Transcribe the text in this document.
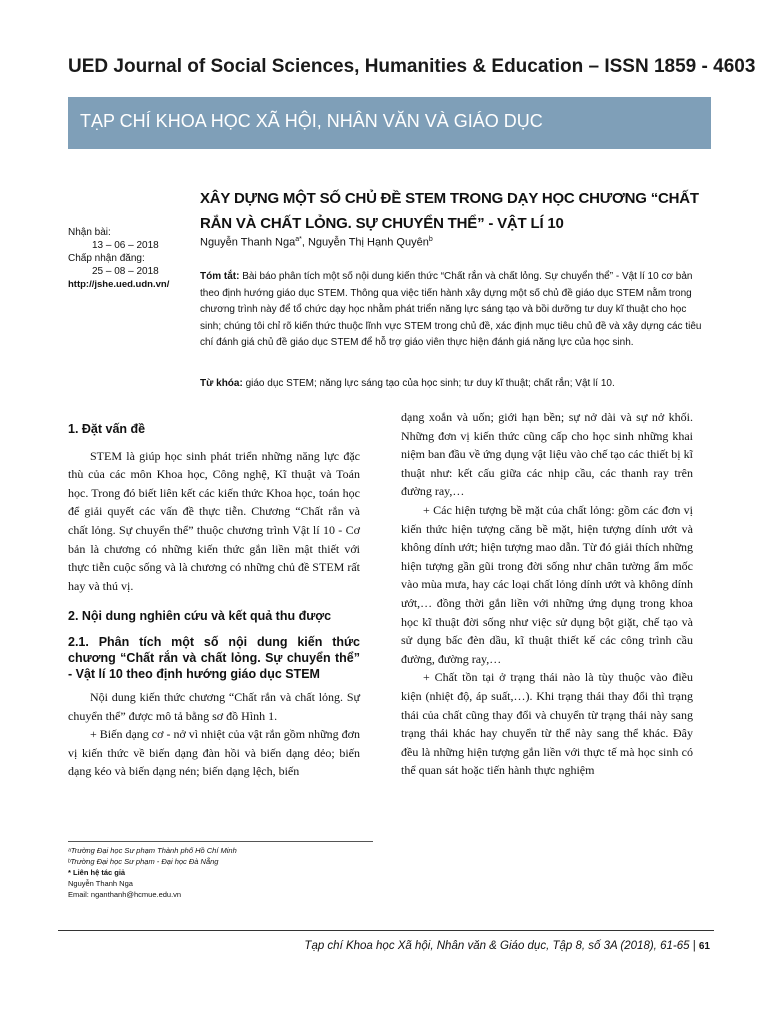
UED Journal of Social Sciences, Humanities & Education – ISSN 1859 - 4603
TẠP CHÍ KHOA HỌC XÃ HỘI, NHÂN VĂN VÀ GIÁO DỤC
Nhận bài:
13 – 06 – 2018
Chấp nhận đăng:
25 – 08 – 2018
http://jshe.ued.udn.vn/
XÂY DỰNG MỘT SỐ CHỦ ĐỀ STEM TRONG DẠY HỌC CHƯƠNG “CHẤT
RẮN VÀ CHẤT LỎNG. SỰ CHUYỂN THỂ” - VẬT LÍ 10
Nguyễn Thanh Nga$^{a*}$, Nguyễn Thị Hạnh Quyên$^b$
Tóm tắt: Bài báo phân tích một số nội dung kiến thức “Chất rắn và chất lỏng. Sự chuyển thể” - Vật lí 10 cơ bản theo định hướng giáo dục STEM. Thông qua việc tiến hành xây dựng một số chủ đề giáo dục STEM nằm trong chương trình này để tổ chức dạy học nhằm phát triển năng lực sáng tạo và bồi dưỡng tư duy kĩ thuật cho học sinh; chúng tôi chỉ rõ kiến thức thuộc lĩnh vực STEM trong chủ đề, xác định mục tiêu chủ đề và xây dựng các tiêu chí đánh giá chủ đề giáo dục STEM để hỗ trợ giáo viên thực hiện đánh giá năng lực của học sinh.
Từ khóa: giáo dục STEM; năng lực sáng tạo của học sinh; tư duy kĩ thuật; chất rắn; Vật lí 10.

1. Đặt vấn đề

STEM là giúp học sinh phát triển những năng lực đặc thù của các môn Khoa học, Công nghệ, Kĩ thuật và Toán học. Trong đó biết liên kết các kiến thức Khoa học, toán học để giải quyết các vấn đề thực tiễn. Chương “Chất rắn và chất lỏng. Sự chuyển thể” thuộc chương trình Vật lí 10 - Cơ bản là chương có những kiến thức gắn liền mật thiết với thực tiễn cuộc sống và là chương có những chủ đề STEM rất hay và thú vị.

2. Nội dung nghiên cứu và kết quả thu được

2.1. Phân tích một số nội dung kiến thức chương “Chất rắn và chất lỏng. Sự chuyển thể” - Vật lí 10 theo định hướng giáo dục STEM

Nội dung kiến thức chương “Chất rắn và chất lỏng. Sự chuyển thể” được mô tả bằng sơ đồ Hình 1.

+ Biến dạng cơ - nở vì nhiệt của vật rắn gồm những đơn vị kiến thức về biến dạng đàn hồi và biến dạng dẻo; biến dạng kéo và biến dạng nén; biến dạng lệch, biến

dạng xoắn và uốn; giới hạn bền; sự nở dài và sự nở khối. Những đơn vị kiến thức cũng cấp cho học sinh những khai niệm ban đầu về ứng dụng vật liệu vào chế tạo các thiết bị kĩ thuật như: kết cấu giữa các nhịp cầu, các thanh ray trên đường ray,…

+ Các hiện tượng bề mặt của chất lỏng: gồm các đơn vị kiến thức hiện tượng căng bề mặt, hiện tượng dính ướt và không dính ướt; hiện tượng mao dẫn. Từ đó giải thích những hiện tượng gần gũi trong đời sống như chân tường ẩm mốc vào mùa mưa, hay các loại chất lỏng dính ướt và không dính ướt,… đồng thời gắn liền với những ứng dụng trong khoa học kĩ thuật đời sống như việc sử dụng bột giặt, chế tạo và sử dụng bấc đèn dầu, kĩ thuật thiết kế các công trình cầu đường, đường ray,…

+ Chất tồn tại ở trạng thái nào là tùy thuộc vào điều kiện (nhiệt độ, áp suất,…). Khi trạng thái thay đổi thì trạng thái của chất cũng thay đổi và chuyển từ trạng thái này sang trạng thái khác hay chuyển từ thể này sang thể khác. Đây đều là những hiện tượng gắn liền với thực tế mà học sinh có thể quan sát hoặc tiến hành thực nghiệm

ᵃTrường Đại học Sư phạm Thành phố Hồ Chí Minh
ᵇTrường Đại học Sư phạm - Đại học Đà Nẵng
* Liên hệ tác giả
Nguyễn Thanh Nga
Email: nganthanh@hcmue.edu.vn
Tạp chí Khoa học Xã hội, Nhân văn & Giáo dục, Tập 8, số 3A (2018), 61-65 | 61
